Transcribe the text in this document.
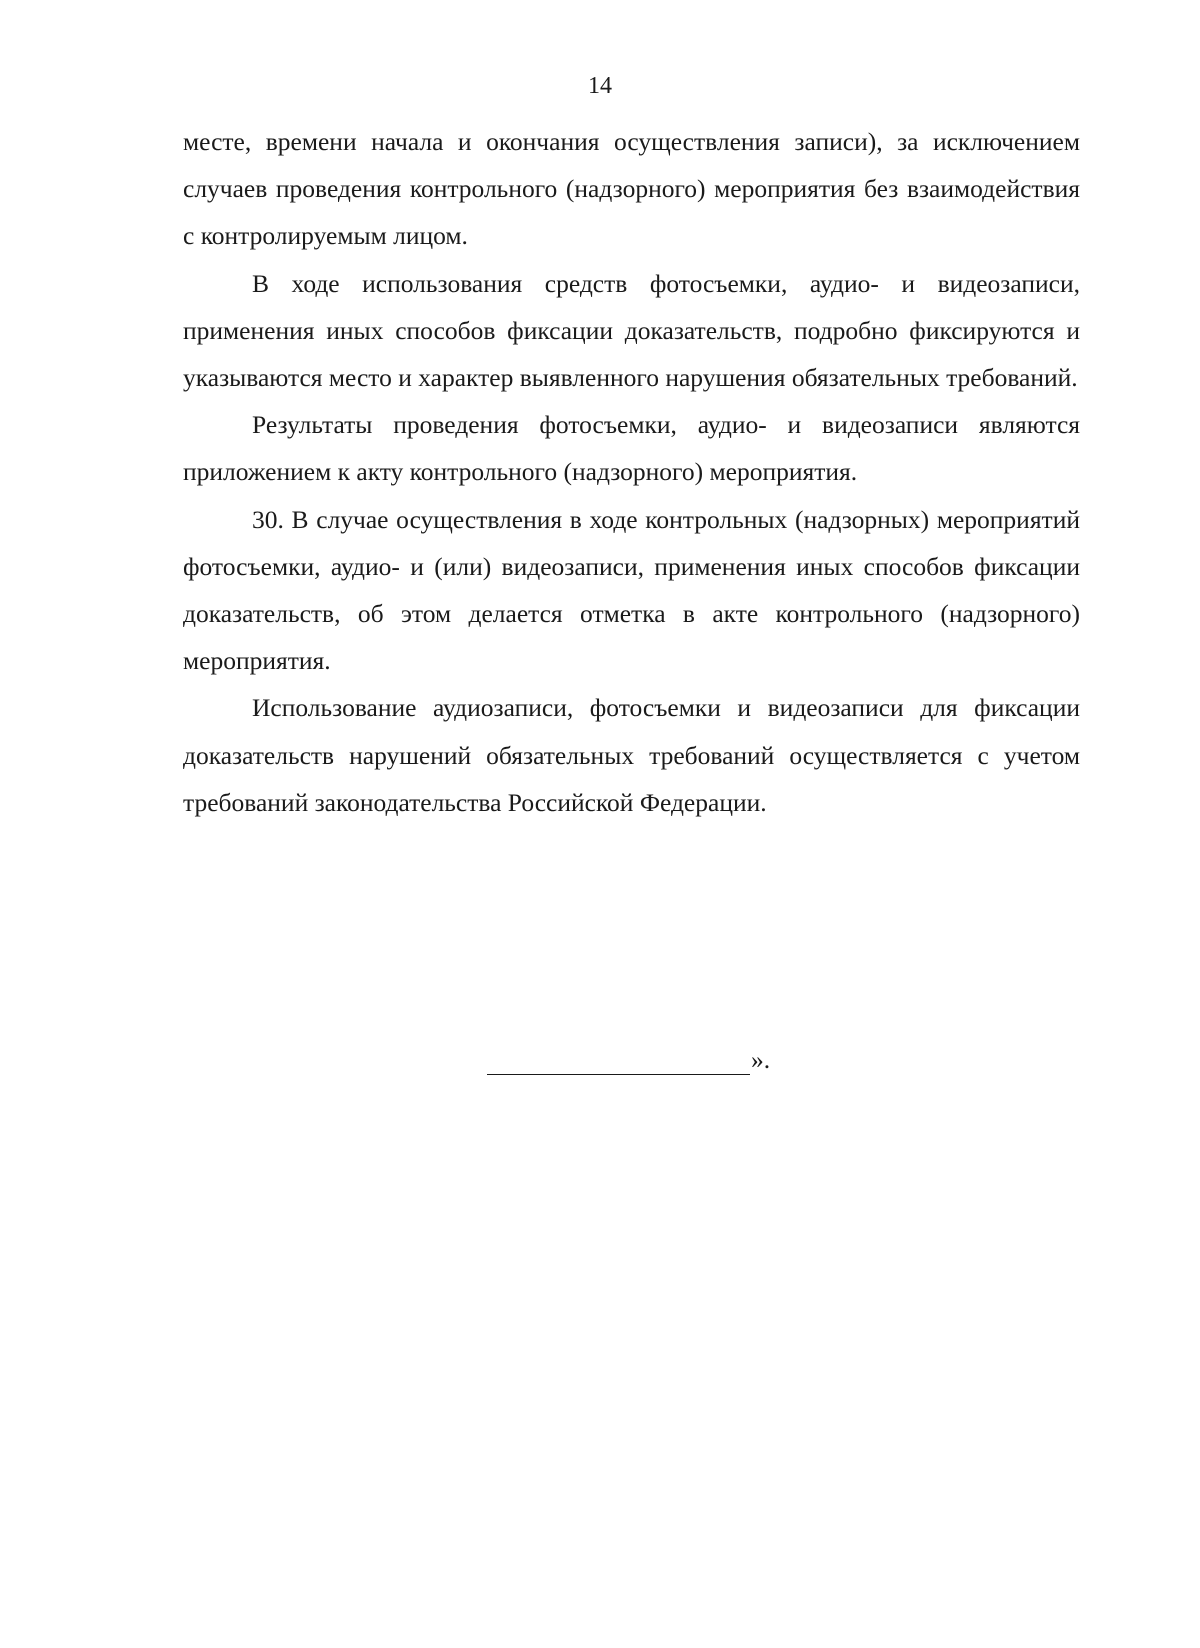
14

месте, времени начала и окончания осуществления записи), за исключением случаев проведения контрольного (надзорного) мероприятия без взаимодействия с контролируемым лицом.

В ходе использования средств фотосъемки, аудио- и видеозаписи, применения иных способов фиксации доказательств, подробно фиксируются и указываются место и характер выявленного нарушения обязательных требований.

Результаты проведения фотосъемки, аудио- и видеозаписи являются приложением к акту контрольного (надзорного) мероприятия.

30. В случае осуществления в ходе контрольных (надзорных) мероприятий фотосъемки, аудио- и (или) видеозаписи, применения иных способов фиксации доказательств, об этом делается отметка в акте контрольного (надзорного) мероприятия.

Использование аудиозаписи, фотосъемки и видеозаписи для фиксации доказательств нарушений обязательных требований осуществляется с учетом требований законодательства Российской Федерации.

».
